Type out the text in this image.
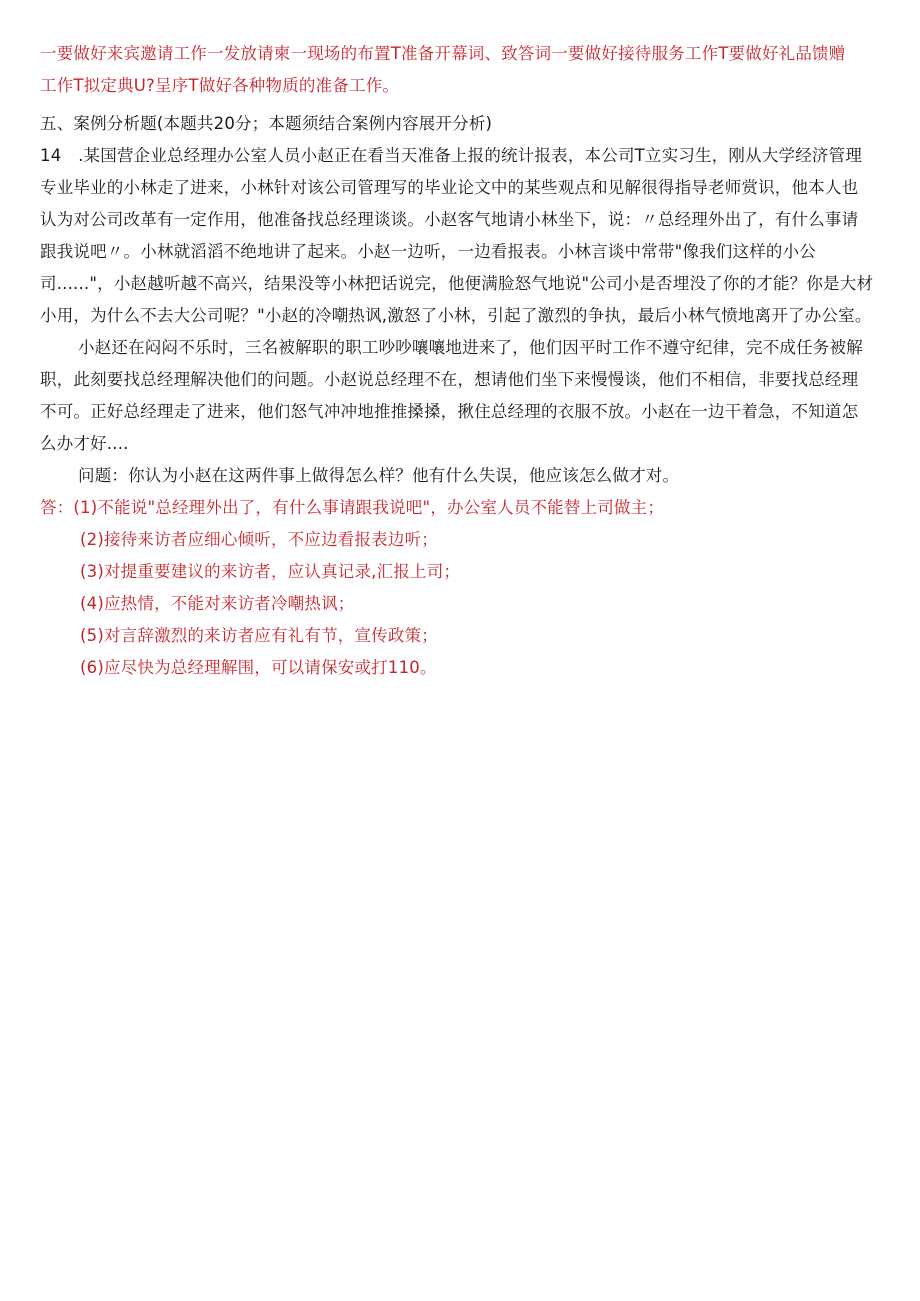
一要做好来宾邀请工作一发放请柬一现场的布置T准备开幕词、致答词一要做好接待服务工作T要做好礼品馈赠
工作T拟定典U?呈序T做好各种物质的准备工作。
五、案例分析题(本题共20分；本题须结合案例内容展开分析)
14　.某国营企业总经理办公室人员小赵正在看当天准备上报的统计报表，本公司T立实习生，刚从大学经济管理
专业毕业的小林走了进来，小林针对该公司管理写的毕业论文中的某些观点和见解很得指导老师赏识，他本人也
认为对公司改革有一定作用，他准备找总经理谈谈。小赵客气地请小林坐下，说：〃总经理外出了，有什么事请
跟我说吧〃。小林就滔滔不绝地讲了起来。小赵一边听，一边看报表。小林言谈中常带"像我们这样的小公
司......"，小赵越听越不高兴，结果没等小林把话说完，他便满脸怒气地说"公司小是否埋没了你的才能？你是大材
小用，为什么不去大公司呢？"小赵的冷嘲热讽,激怒了小林，引起了激烈的争执，最后小林气愤地离开了办公室。
小赵还在闷闷不乐时，三名被解职的职工吵吵嚷嚷地进来了，他们因平时工作不遵守纪律，完不成任务被解
职，此刻要找总经理解决他们的问题。小赵说总经理不在，想请他们坐下来慢慢谈，他们不相信，非要找总经理
不可。正好总经理走了进来，他们怒气冲冲地推推搡搡，揪住总经理的衣服不放。小赵在一边干着急，不知道怎
么办才好....
问题：你认为小赵在这两件事上做得怎么样？他有什么失误，他应该怎么做才对。
答：(1)不能说"总经理外出了，有什么事请跟我说吧"，办公室人员不能替上司做主；
(2)接待来访者应细心倾听，不应边看报表边听；
(3)对提重要建议的来访者，应认真记录,汇报上司；
(4)应热情，不能对来访者冷嘲热讽；
(5)对言辞激烈的来访者应有礼有节，宣传政策；
(6)应尽快为总经理解围，可以请保安或打110。
